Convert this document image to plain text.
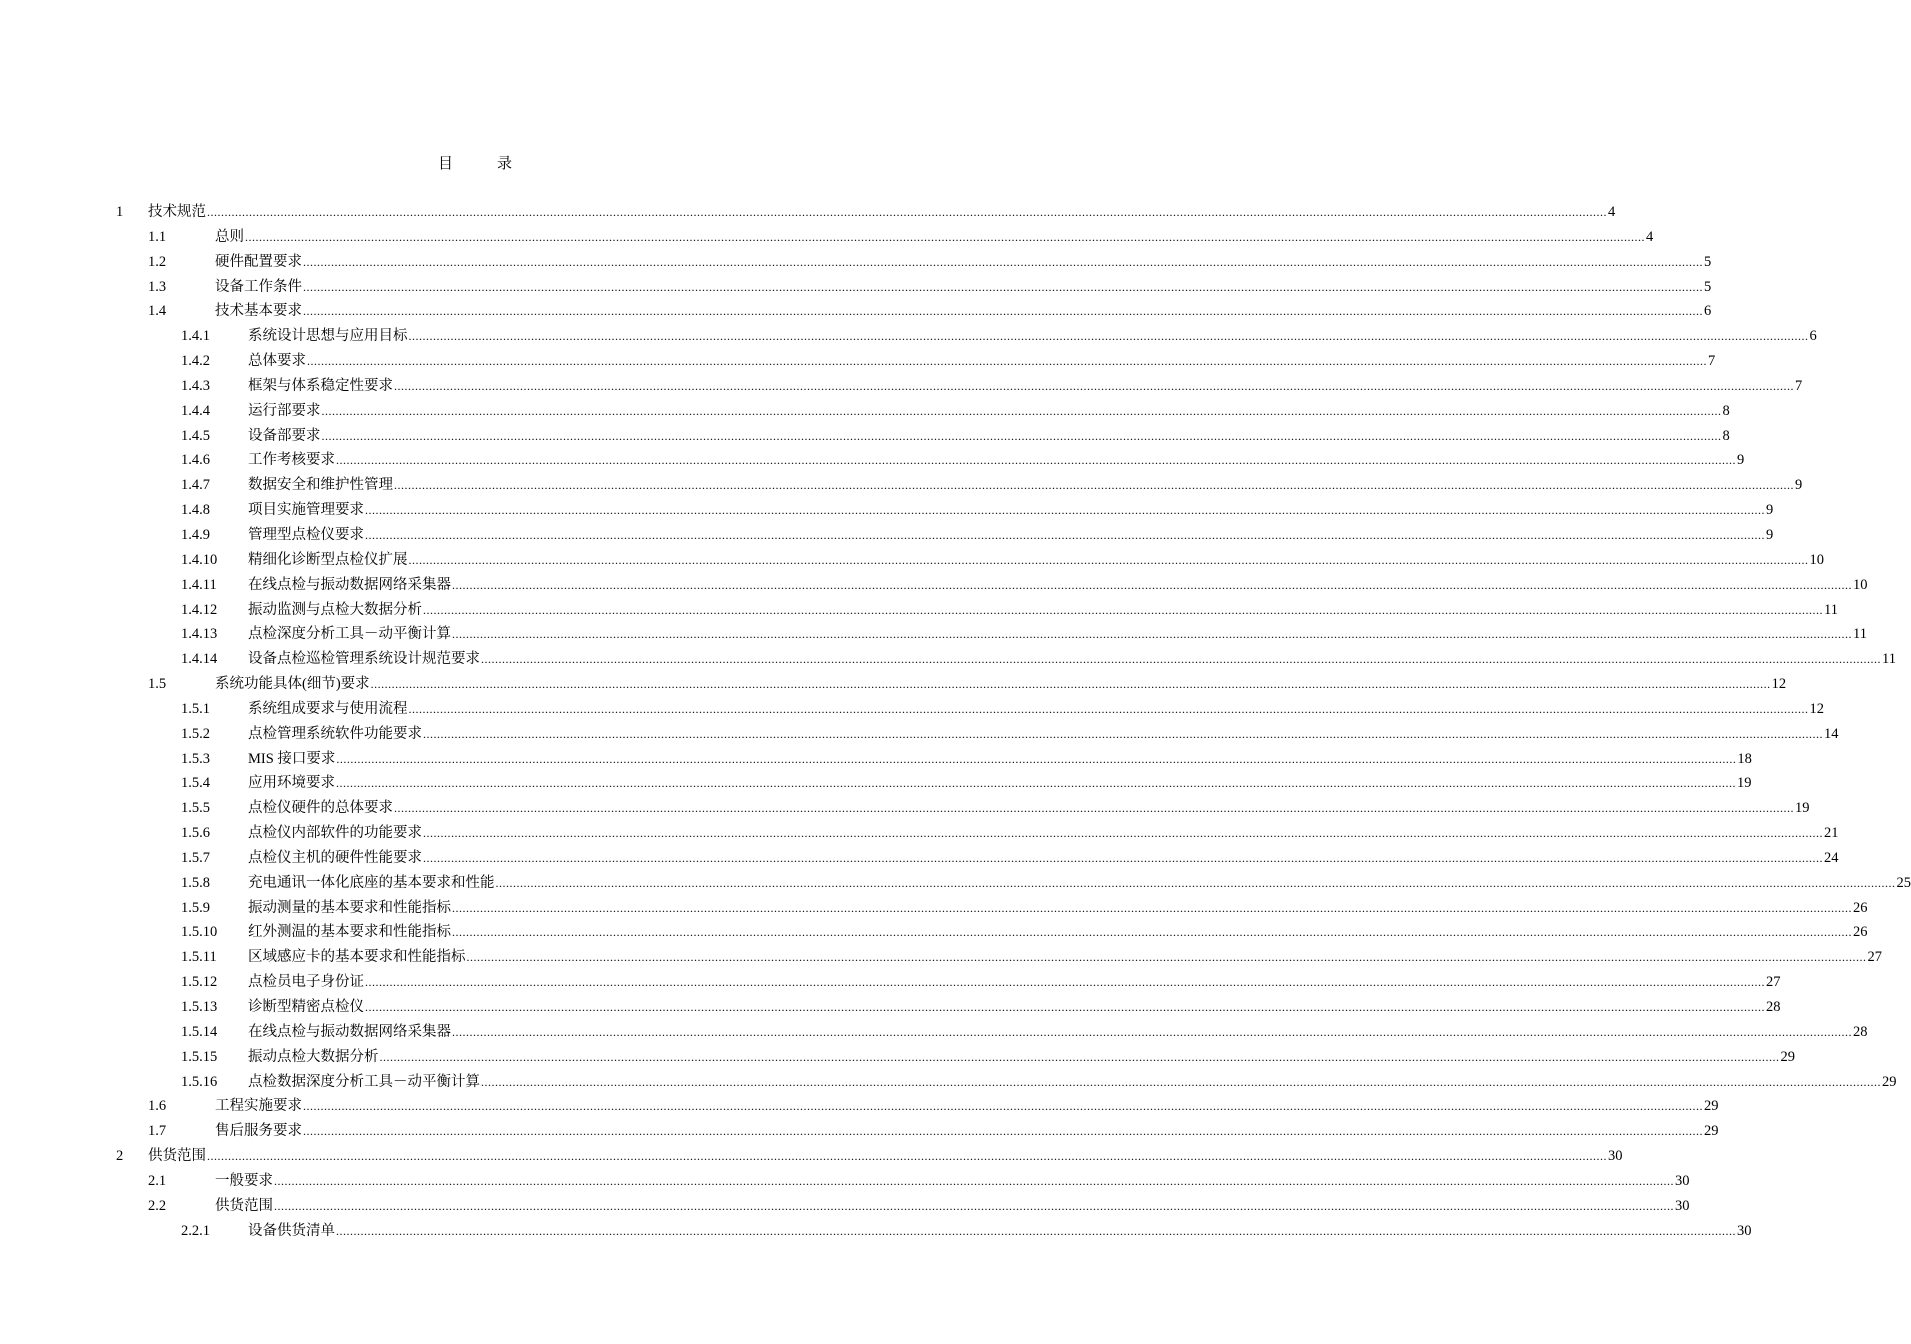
目	录
1 技术规范 ................................................................................................................................................................................................................................................................................................................................................................................................................ 4
1.1	总则 ................................................................................................................................................................................................................................................................................................................................................................................................................ 4
1.2	硬件配置要求 ................................................................................................................................................................................................................................................................................................................................................................................................................ 5
1.3	设备工作条件 ................................................................................................................................................................................................................................................................................................................................................................................................................ 5
1.4	技术基本要求 ................................................................................................................................................................................................................................................................................................................................................................................................................ 6
1.4.1	系统设计思想与应用目标 ................................................................................................................................................................................................................................................................................................................................................................................................................ 6
1.4.2	总体要求 ................................................................................................................................................................................................................................................................................................................................................................................................................ 7
1.4.3	框架与体系稳定性要求 ................................................................................................................................................................................................................................................................................................................................................................................................................ 7
1.4.4	运行部要求 ................................................................................................................................................................................................................................................................................................................................................................................................................ 8
1.4.5	设备部要求 ................................................................................................................................................................................................................................................................................................................................................................................................................ 8
1.4.6	工作考核要求 ................................................................................................................................................................................................................................................................................................................................................................................................................ 9
1.4.7	数据安全和维护性管理 ................................................................................................................................................................................................................................................................................................................................................................................................................ 9
1.4.8	项目实施管理要求 ................................................................................................................................................................................................................................................................................................................................................................................................................ 9
1.4.9	管理型点检仪要求 ................................................................................................................................................................................................................................................................................................................................................................................................................ 9
1.4.10 精细化诊断型点检仪扩展 ................................................................................................................................................................................................................................................................................................................................................................................................................ 10
1.4.11 在线点检与振动数据网络采集器 ................................................................................................................................................................................................................................................................................................................................................................................................................ 10
1.4.12 振动监测与点检大数据分析 ................................................................................................................................................................................................................................................................................................................................................................................................................ 11
1.4.13 点检深度分析工具－动平衡计算 ................................................................................................................................................................................................................................................................................................................................................................................................................ 11
1.4.14 设备点检巡检管理系统设计规范要求 ................................................................................................................................................................................................................................................................................................................................................................................................................ 11
1.5	系统功能具体(细节)要求 ................................................................................................................................................................................................................................................................................................................................................................................................................ 12
1.5.1	系统组成要求与使用流程 ................................................................................................................................................................................................................................................................................................................................................................................................................ 12
1.5.2	点检管理系统软件功能要求 ................................................................................................................................................................................................................................................................................................................................................................................................................ 14
1.5.3	MIS 接口要求 ................................................................................................................................................................................................................................................................................................................................................................................................................ 18
1.5.4	应用环境要求 ................................................................................................................................................................................................................................................................................................................................................................................................................ 19
1.5.5	点检仪硬件的总体要求 ................................................................................................................................................................................................................................................................................................................................................................................................................ 19
1.5.6	点检仪内部软件的功能要求 ................................................................................................................................................................................................................................................................................................................................................................................................................ 21
1.5.7	点检仪主机的硬件性能要求 ................................................................................................................................................................................................................................................................................................................................................................................................................ 24
1.5.8	充电通讯一体化底座的基本要求和性能 ................................................................................................................................................................................................................................................................................................................................................................................................................ 25
1.5.9	振动测量的基本要求和性能指标 ................................................................................................................................................................................................................................................................................................................................................................................................................ 26
1.5.10 红外测温的基本要求和性能指标 ................................................................................................................................................................................................................................................................................................................................................................................................................ 26
1.5.11 区域感应卡的基本要求和性能指标 ................................................................................................................................................................................................................................................................................................................................................................................................................ 27
1.5.12 点检员电子身份证 ................................................................................................................................................................................................................................................................................................................................................................................................................ 27
1.5.13 诊断型精密点检仪 ................................................................................................................................................................................................................................................................................................................................................................................................................ 28
1.5.14 在线点检与振动数据网络采集器 ................................................................................................................................................................................................................................................................................................................................................................................................................ 28
1.5.15 振动点检大数据分析 ................................................................................................................................................................................................................................................................................................................................................................................................................ 29
1.5.16 点检数据深度分析工具－动平衡计算 ................................................................................................................................................................................................................................................................................................................................................................................................................ 29
1.6	工程实施要求 ................................................................................................................................................................................................................................................................................................................................................................................................................ 29
1.7	售后服务要求 ................................................................................................................................................................................................................................................................................................................................................................................................................ 29
2 供货范围 ................................................................................................................................................................................................................................................................................................................................................................................................................ 30
2.1	一般要求 ................................................................................................................................................................................................................................................................................................................................................................................................................ 30
2.2	供货范围 ................................................................................................................................................................................................................................................................................................................................................................................................................ 30
2.2.1	设备供货清单 ................................................................................................................................................................................................................................................................................................................................................................................................................ 30
